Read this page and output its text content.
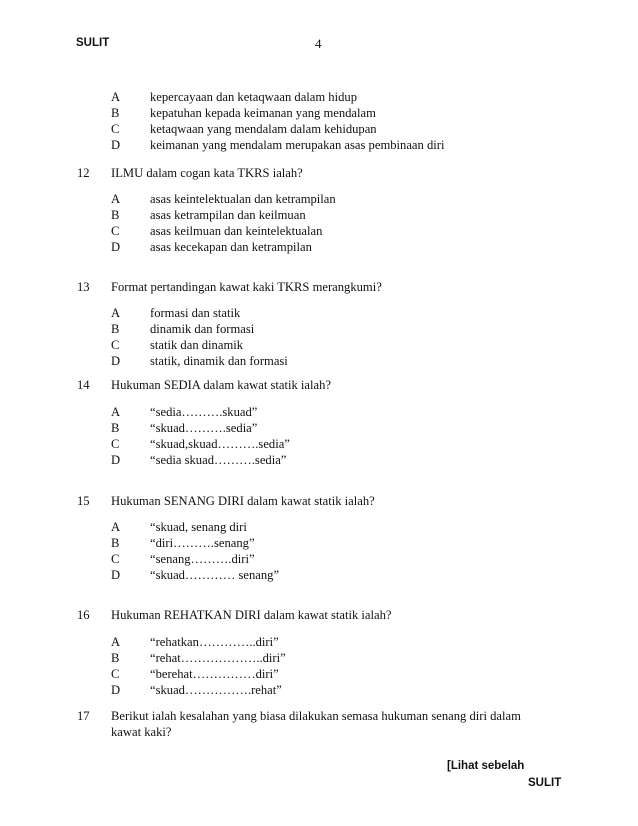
SULIT	4
A kepercayaan dan ketaqwaan dalam hidup
B kepatuhan kepada keimanan yang mendalam
C ketaqwaan yang mendalam dalam kehidupan
D keimanan yang mendalam merupakan asas pembinaan diri
12 ILMU dalam cogan kata TKRS ialah?
A asas keintelektualan dan ketrampilan
B asas ketrampilan dan keilmuan
C asas keilmuan dan keintelektualan
D asas kecekapan dan ketrampilan
13 Format pertandingan kawat kaki TKRS merangkumi?
A formasi dan statik
B dinamik dan formasi
C statik dan dinamik
D statik, dinamik dan formasi
14 Hukuman SEDIA dalam kawat statik ialah?
A “sedia……….skuad”
B “skuad……….sedia”
C “skuad,skuad……….sedia”
D “sedia skuad……….sedia”
15 Hukuman SENANG DIRI dalam kawat statik ialah?
A “skuad, senang diri
B “diri……….senang”
C “senang……….diri”
D “skuad………… senang”
16 Hukuman REHATKAN DIRI dalam kawat statik ialah?
A “rehatkan…………..diri”
B “rehat………………..diri”
C “berehat……………diri”
D “skuad…………….rehat”
17 Berikut ialah kesalahan yang biasa dilakukan semasa hukuman senang diri dalam
kawat kaki?
[Lihat sebelah
SULIT
